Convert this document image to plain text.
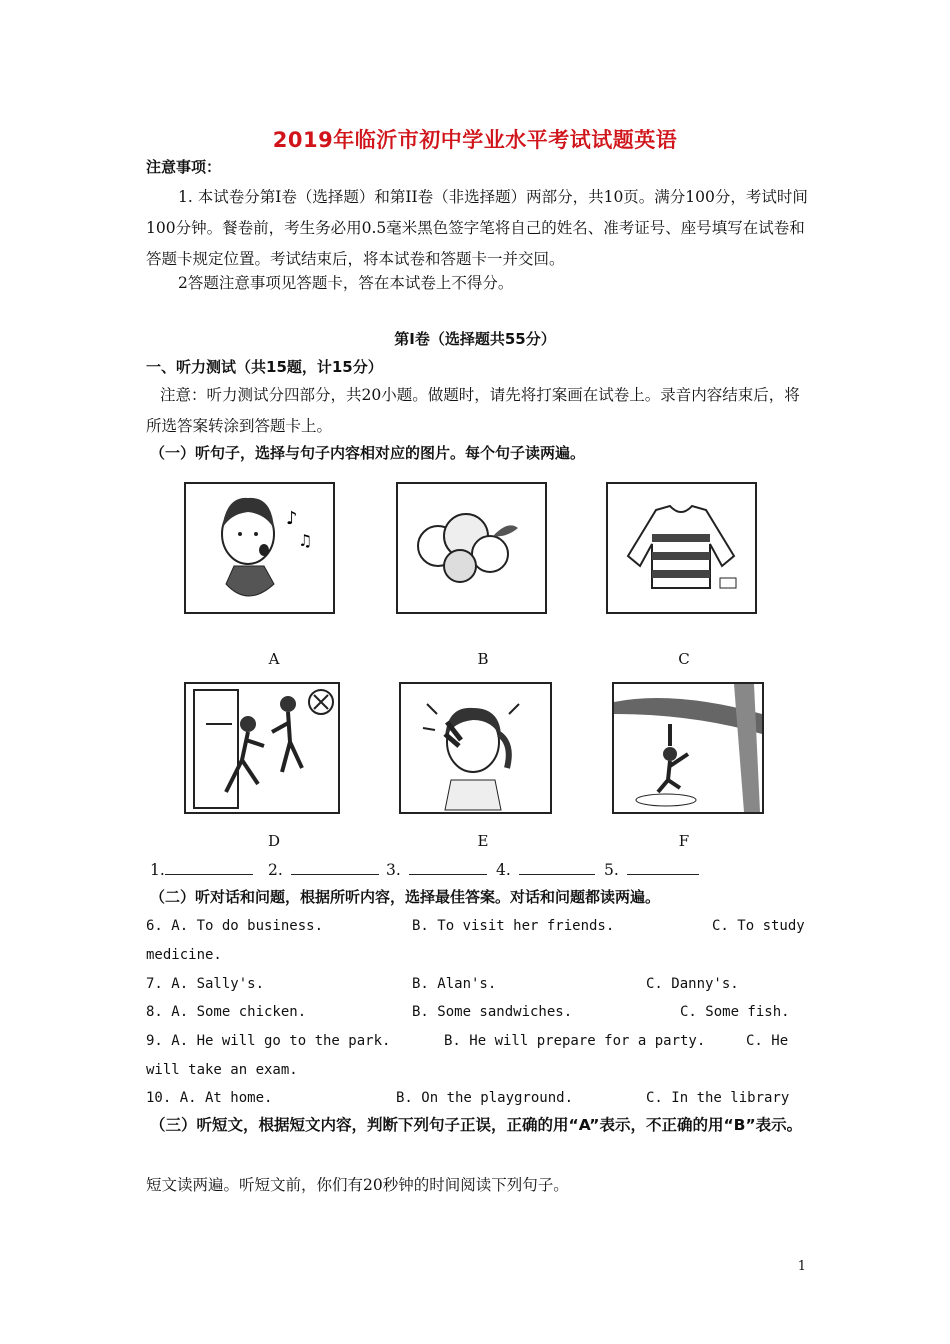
2019年临沂市初中学业水平考试试题英语
注意事项：
1. 本试卷分第I卷（选择题）和第II卷（非选择题）两部分，共10页。满分100分，考试时间100分钟。餐卷前，考生务必用0.5毫米黑色签字笔将自己的姓名、准考证号、座号填写在试卷和答题卡规定位置。考试结束后，将本试卷和答题卡一并交回。
2答题注意事项见答题卡，答在本试卷上不得分。
第I卷（选择题共55分）
一、听力测试（共15题，计15分）
注意：听力测试分四部分，共20小题。做题时，请先将打案画在试卷上。录音内容结束后，将所选答案转涂到答题卡上。
（一）听句子，选择与句子内容相对应的图片。每个句子读两遍。
♪
♫
A	B	C
D	E	F
1.	2.	3.	4.	5.
（二）听对话和问题，根据所听内容，选择最佳答案。对话和问题都读两遍。
6. A. To do business.	B. To visit her friends.	C. To study
medicine.
7. A. Sally's.	B. Alan's.	C. Danny's.
8. A. Some chicken.	B. Some sandwiches.	C. Some fish.
9. A. He will go to the park.	B. He will prepare for a party.	C. He
will take an exam.
10. A. At home.	B. On the playground.	C. In the library
（三）听短文，根据短文内容，判断下列句子正误，正确的用“A”表示，不正确的用“B”表示。
短文读两遍。听短文前，你们有20秒钟的时间阅读下列句子。
1
